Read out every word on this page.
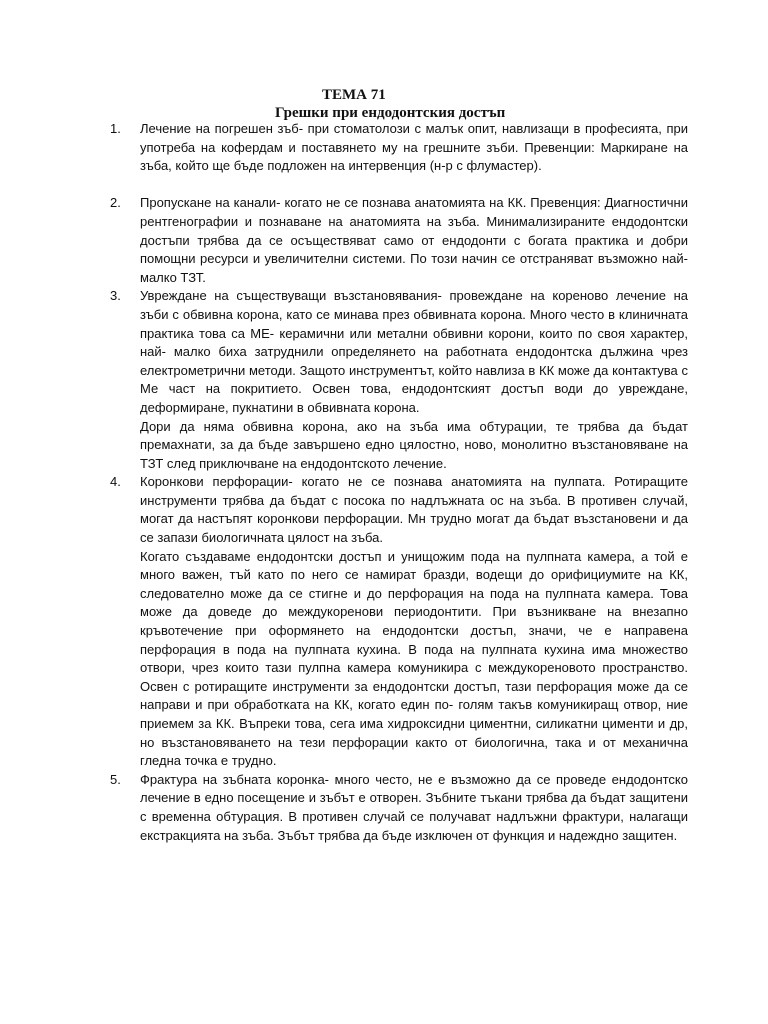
ТЕМА 71
Грешки при ендодонтския достъп
1. Лечение на погрешен зъб- при стоматолози с малък опит, навлизащи в професията, при употреба на кофердам и поставянето му на грешните зъби. Превенции: Маркиране на зъба, който ще бъде подложен на интервенция (н-р с флумастер).

2. Пропускане на канали- когато не се познава анатомията на КК. Превенция: Диагностични рентгенографии и познаване на анатомията на зъба. Минимализираните ендодонтски достъпи трябва да се осъществяват само от ендодонти с богата практика и добри помощни ресурси и увеличителни системи. По този начин се отстраняват възможно най- малко ТЗТ.

3. Увреждане на съществуващи възстановявания- провеждане на кореново лечение на зъби с обвивна корона, като се минава през обвивната корона. Много често в клиничната практика това са МЕ- керамични или метални обвивни корони, които по своя характер, най- малко биха затруднили определянето на работната ендодонтска дължина чрез електрометрични методи. Защото инструментът, който навлиза в КК може да контактува с Ме част на покритието. Освен това, ендодонтският достъп води до увреждане, деформиране, пукнатини в обвивната корона.

Дори да няма обвивна корона, ако на зъба има обтурации, те трябва да бъдат премахнати, за да бъде завършено едно цялостно, ново, монолитно възстановяване на ТЗТ след приключване на ендодонтското лечение.

4. Коронкови перфорации- когато не се познава анатомията на пулпата. Ротиращите инструменти трябва да бъдат с посока по надлъжната ос на зъба. В противен случай, могат да настъпят коронкови перфорации. Мн трудно могат да бъдат възстановени и да се запази биологичната цялост на зъба.

Когато създаваме ендодонтски достъп и унищожим пода на пулпната камера, а той е много важен, тъй като по него се намират бразди, водещи до орифициумите на КК, следователно може да се стигне и до перфорация на пода на пулпната камера. Това може да доведе до междукоренови периодонтити. При възникване на внезапно кръвотечение при оформянето на ендодонтски достъп, значи, че е направена перфорация в пода на пулпната кухина. В пода на пулпната кухина има множество отвори, чрез които тази пулпна камера комуникира с междукореновото пространство. Освен с ротиращите инструменти за ендодонтски достъп, тази перфорация може да се направи и при обработката на КК, когато един по- голям такъв комуникиращ отвор, ние приемем за КК. Въпреки това, сега има хидроксидни циментни, силикатни цименти и др, но възстановяването на тези перфорации както от биологична, така и от механична гледна точка е трудно.

5. Фрактура на зъбната коронка- много често, не е възможно да се проведе ендодонтско лечение в едно посещение и зъбът е отворен. Зъбните тъкани трябва да бъдат защитени с временна обтурация. В противен случай се получават надлъжни фрактури, налагащи екстракцията на зъба. Зъбът трябва да бъде изключен от функция и надеждно защитен.
